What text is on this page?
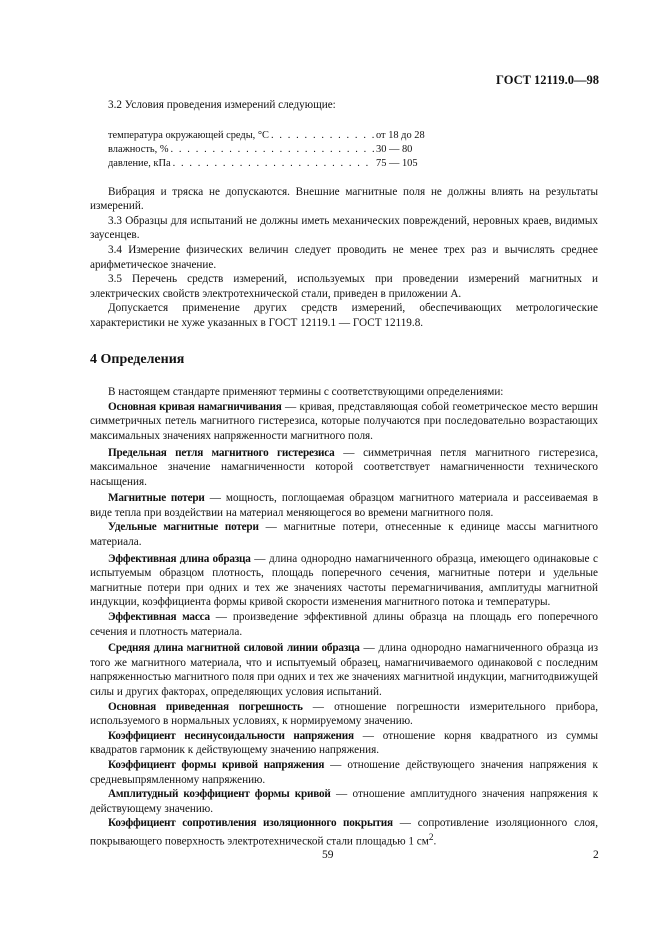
ГОСТ 12119.0—98

3.2 Условия проведения измерений следующие:

температура окружающей среды, °С . . .	от 18 до 28
влажность, % . . .	30 — 80
давление, кПа . . .	75 — 105

Вибрация и тряска не допускаются. Внешние магнитные поля не должны влиять на результаты измерений.

3.3 Образцы для испытаний не должны иметь механических повреждений, неровных краев, видимых заусенцев.

3.4 Измерение физических величин следует проводить не менее трех раз и вычислять среднее арифметическое значение.

3.5 Перечень средств измерений, используемых при проведении измерений магнитных и электрических свойств электротехнической стали, приведен в приложении А.

Допускается применение других средств измерений, обеспечивающих метрологические характеристики не хуже указанных в ГОСТ 12119.1 — ГОСТ 12119.8.

4 Определения

В настоящем стандарте применяют термины с соответствующими определениями:

Основная кривая намагничивания — кривая, представляющая собой геометрическое место вершин симметричных петель магнитного гистерезиса, которые получаются при последовательно возрастающих максимальных значениях напряженности магнитного поля.

Предельная петля магнитного гистерезиса — симметричная петля магнитного гистерезиса, максимальное значение намагниченности которой соответствует намагниченности технического насыщения.

Магнитные потери — мощность, поглощаемая образцом магнитного материала и рассеиваемая в виде тепла при воздействии на материал меняющегося во времени магнитного поля.

Удельные магнитные потери — магнитные потери, отнесенные к единице массы магнитного материала.

Эффективная длина образца — длина однородно намагниченного образца, имеющего одинаковые с испытуемым образцом плотность, площадь поперечного сечения, магнитные потери и удельные магнитные потери при одних и тех же значениях частоты перемагничивания, амплитуды магнитной индукции, коэффициента формы кривой скорости изменения магнитного потока и температуры.

Эффективная масса — произведение эффективной длины образца на площадь его поперечного сечения и плотность материала.

Средняя длина магнитной силовой линии образца — длина однородно намагниченного образца из того же магнитного материала, что и испытуемый образец, намагничиваемого одинаковой с последним напряженностью магнитного поля при одних и тех же значениях магнитной индукции, магнитодвижущей силы и других факторах, определяющих условия испытаний.

Основная приведенная погрешность — отношение погрешности измерительного прибора, используемого в нормальных условиях, к нормируемому значению.

Коэффициент несинусоидальности напряжения — отношение корня квадратного из суммы квадратов гармоник к действующему значению напряжения.

Коэффициент формы кривой напряжения — отношение действующего значения напряжения к средневыпрямленному напряжению.

Амплитудный коэффициент формы кривой — отношение амплитудного значения напряжения к действующему значению.

Коэффициент сопротивления изоляционного покрытия — сопротивление изоляционного слоя, покрывающего поверхность электротехнической стали площадью 1 $см^2$.

59	2
